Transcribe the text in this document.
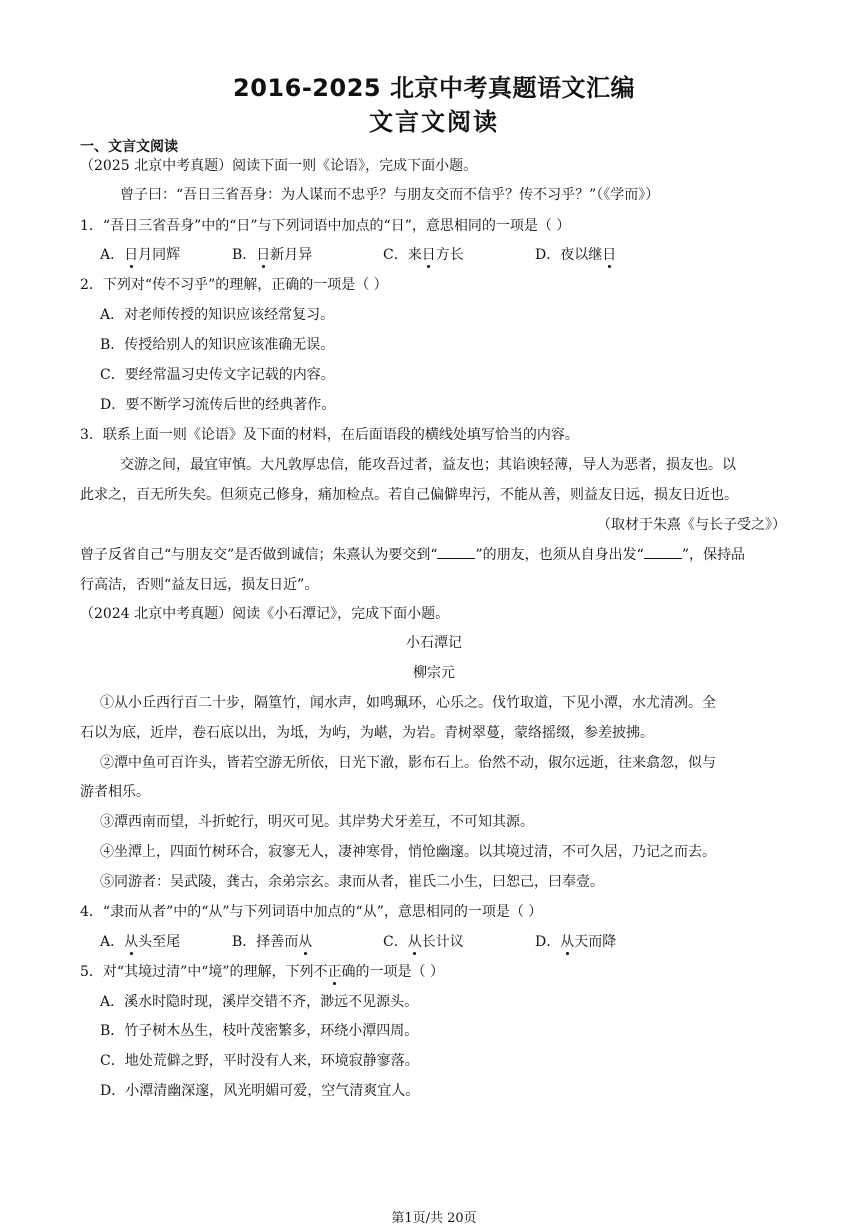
2016-2025 北京中考真题语文汇编
文言文阅读
一、文言文阅读
（2025 北京中考真题）阅读下面一则《论语》，完成下面小题。
曾子曰：“吾日三省吾身：为人谋而不忠乎？与朋友交而不信乎？传不习乎？”（《学而》）
1．“吾日三省吾身”中的“日”与下列词语中加点的“日”，意思相同的一项是（ ）
A．日月同辉	B．日新月异	C．来日方长	D．夜以继日
2．下列对“传不习乎”的理解，正确的一项是（ ）
A．对老师传授的知识应该经常复习。
B．传授给别人的知识应该准确无误。
C．要经常温习史传文字记载的内容。
D．要不断学习流传后世的经典著作。
3．联系上面一则《论语》及下面的材料，在后面语段的横线处填写恰当的内容。
交游之间，最宜审慎。大凡敦厚忠信，能攻吾过者，益友也；其谄谀轻薄，导人为恶者，损友也。以
此求之，百无所失矣。但须克己修身，痛加检点。若自己偏僻卑污，不能从善，则益友日远，损友日近也。
（取材于朱熹《与长子受之》）
曾子反省自己“与朋友交”是否做到诚信；朱熹认为要交到“	”的朋友，也须从自身出发“	”，保持品
行高洁，否则“益友日远，损友日近”。
（2024 北京中考真题）阅读《小石潭记》，完成下面小题。
小石潭记
柳宗元
①从小丘西行百二十步，隔篁竹，闻水声，如鸣珮环，心乐之。伐竹取道，下见小潭，水尤清冽。全
石以为底，近岸，卷石底以出，为坻，为屿，为嵁，为岩。青树翠蔓，蒙络摇缀，参差披拂。
②潭中鱼可百许头，皆若空游无所依，日光下澈，影布石上。佁然不动，俶尔远逝，往来翕忽，似与
游者相乐。
③潭西南而望，斗折蛇行，明灭可见。其岸势犬牙差互，不可知其源。
④坐潭上，四面竹树环合，寂寥无人，凄神寒骨，悄怆幽邃。以其境过清，不可久居，乃记之而去。
⑤同游者：吴武陵，龚古，余弟宗玄。隶而从者，崔氏二小生，曰恕己，曰奉壹。
4．“隶而从者”中的“从”与下列词语中加点的“从”，意思相同的一项是（ ）
A．从头至尾	B．择善而从	C．从长计议	D．从天而降
5．对“其境过清”中“境”的理解，下列不正确的一项是（ ）
A．溪水时隐时现，溪岸交错不齐，渺远不见源头。
B．竹子树木丛生，枝叶茂密繁多，环绕小潭四周。
C．地处荒僻之野，平时没有人来，环境寂静寥落。
D．小潭清幽深邃，风光明媚可爱，空气清爽宜人。
第1页/共 20页
